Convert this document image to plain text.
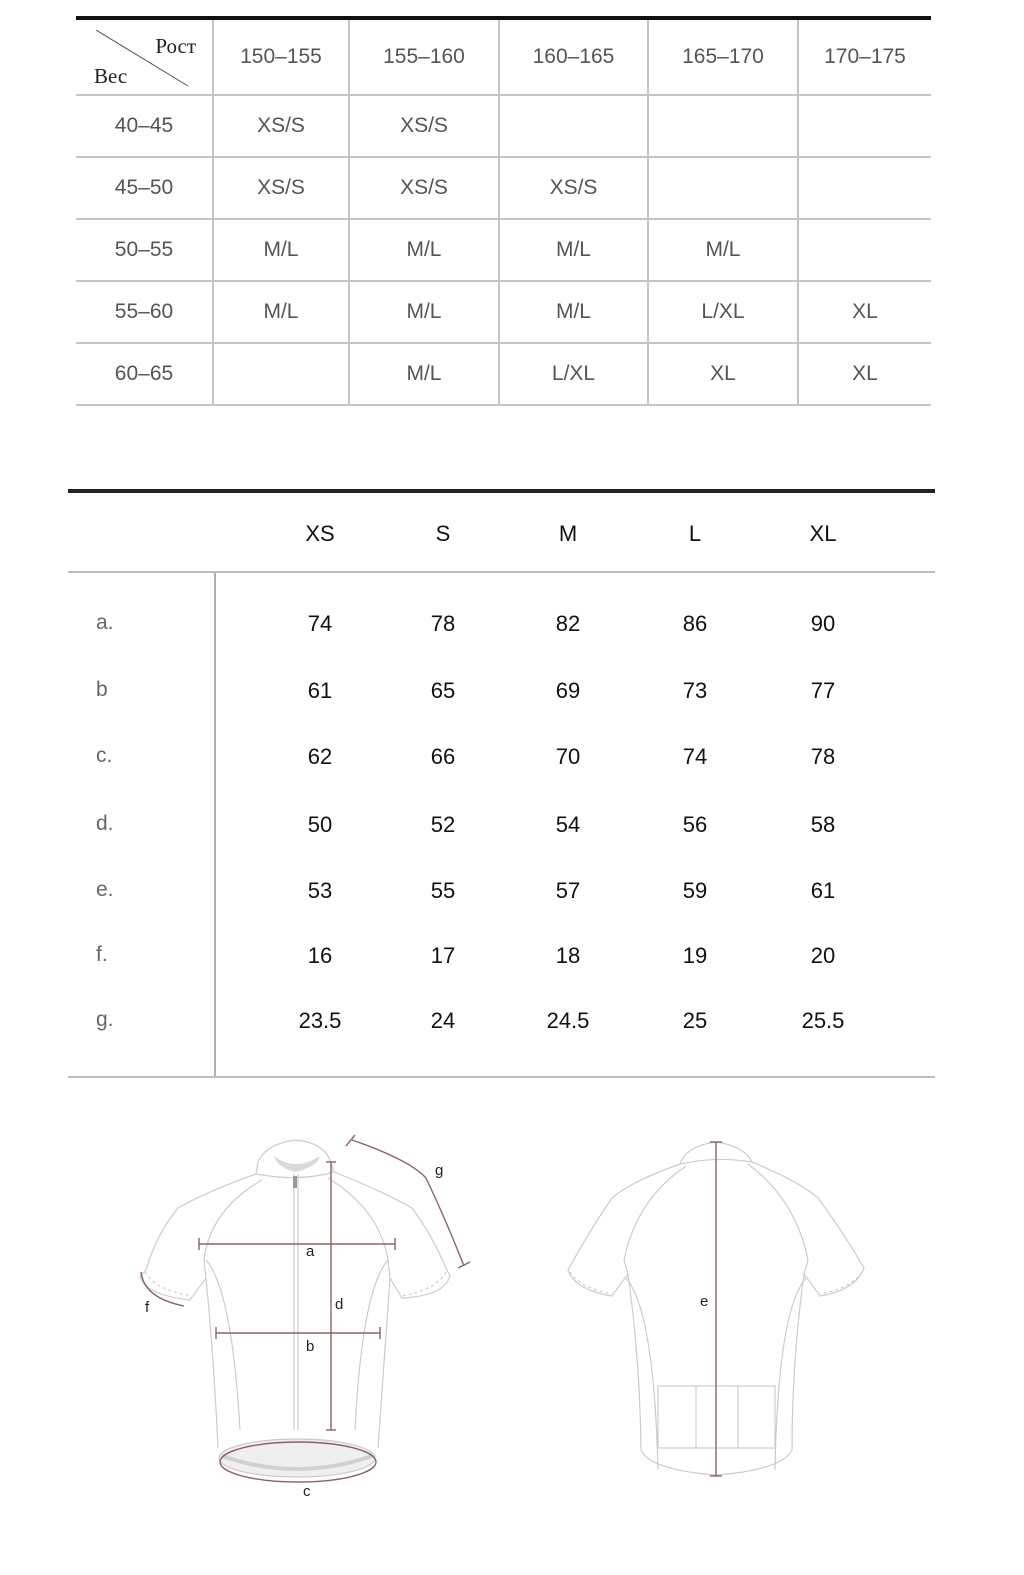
Рост
Вес	150–155	155–160	160–165	165–170	170–175
40–45	XS/S	XS/S			
45–50	XS/S	XS/S	XS/S		
50–55	M/L	M/L	M/L	M/L	
55–60	M/L	M/L	M/L	L/XL	XL
60–65		M/L	L/XL	XL	XL
XS	S	M	L	XL
a.	74	78	82	86	90
b	61	65	69	73	77
c.	62	66	70	74	78
d.	50	52	54	56	58
e.	53	55	57	59	61
f.	16	17	18	19	20
g.	23.5	24	24.5	25	25.5
a
b
c
d
f
g
e
